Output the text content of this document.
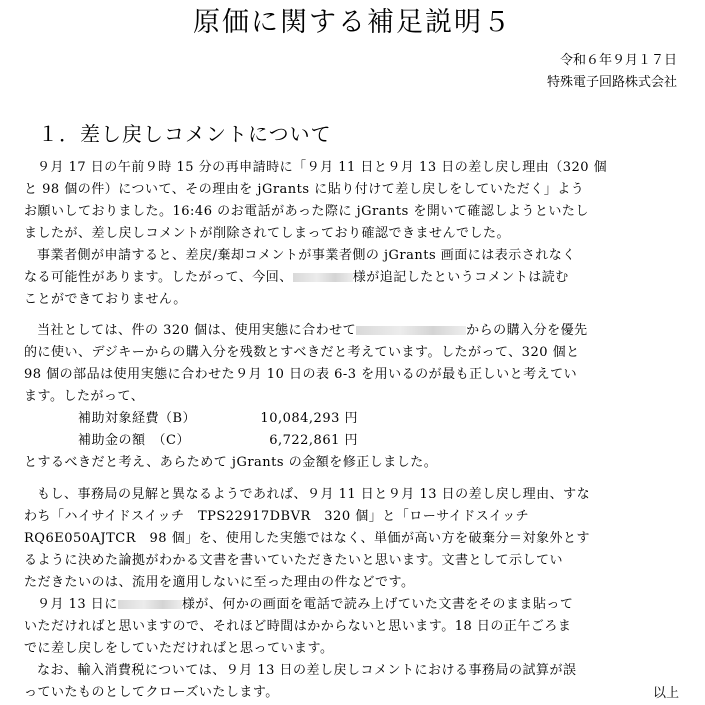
原価に関する補足説明５
令和６年９月１７日
特殊電子回路株式会社
１．差し戻しコメントについて

９月 17 日の午前９時 15 分の再申請時に「９月 11 日と９月 13 日の差し戻し理由（320 個

と 98 個の件）について、その理由を jGrants に貼り付けて差し戻しをしていただく」よう

お願いしておりました。16:46 のお電話があった際に jGrants を開いて確認しようといたし

ましたが、差し戻しコメントが削除されてしまっており確認できませんでした。

事業者側が申請すると、差戻/棄却コメントが事業者側の jGrants 画面には表示されなく

なる可能性があります。したがって、今回、	様が追記したというコメントは読む

ことができておりません。

当社としては、件の 320 個は、使用実態に合わせて	からの購入分を優先

的に使い、デジキーからの購入分を残数とすべきだと考えています。したがって、320 個と

98 個の部品は使用実態に合わせた９月 10 日の表 6-3 を用いるのが最も正しいと考えてい

ます。したがって、

補助対象経費（B）	10,084,293 円
補助金の額　（C）	6,722,861 円

とするべきだと考え、あらためて jGrants の金額を修正しました。

もし、事務局の見解と異なるようであれば、９月 11 日と９月 13 日の差し戻し理由、すな

わち「ハイサイドスイッチ　TPS22917DBVR　320 個」と「ローサイドスイッチ

RQ6E050AJTCR　98 個」を、使用した実態ではなく、単価が高い方を破棄分＝対象外とす

るように決めた論拠がわかる文書を書いていただきたいと思います。文書として示してい

ただきたいのは、流用を適用しないに至った理由の件などです。

９月 13 日に	様が、何かの画面を電話で読み上げていた文書をそのまま貼って

いただければと思いますので、それほど時間はかからないと思います。18 日の正午ごろま

でに差し戻しをしていただければと思っています。

なお、輸入消費税については、９月 13 日の差し戻しコメントにおける事務局の試算が誤

っていたものとしてクローズいたします。	以上
